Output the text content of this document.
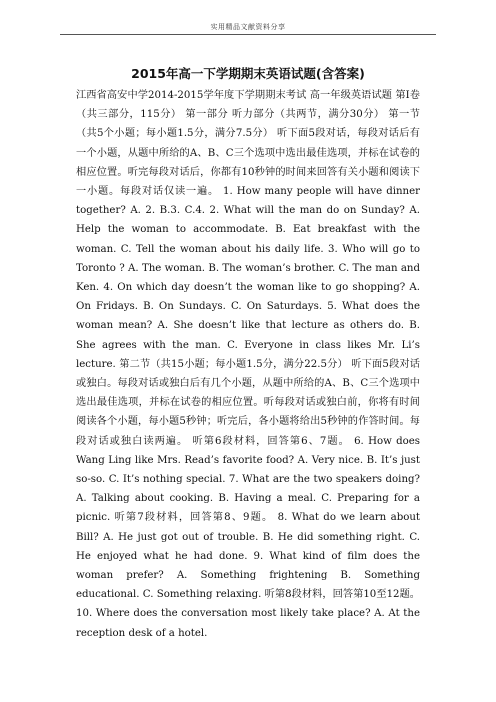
实用精品文献资料分享
2015年高一下学期期末英语试题(含答案)

江西省高安中学2014-2015学年度下学期期末考试 高一年级英语试题 第I卷（共三部分，115分） 第一部分 听力部分（共两节，满分30分） 第一节（共5个小题；每小题1.5分，满分7.5分） 听下面5段对话，每段对话后有一个小题，从题中所给的A、B、C三个选项中选出最佳选项，并标在试卷的相应位置。听完每段对话后，你都有10秒钟的时间来回答有关小题和阅读下一小题。每段对话仅读一遍。 1. How many people will have dinner together? A. 2. B.3. C.4. 2. What will the man do on Sunday? A. Help the woman to accommodate. B. Eat breakfast with the woman. C. Tell the woman about his daily life. 3. Who will go to Toronto ? A. The woman. B. The woman’s brother. C. The man and Ken. 4. On which day doesn’t the woman like to go shopping? A. On Fridays. B. On Sundays. C. On Saturdays. 5. What does the woman mean? A. She doesn’t like that lecture as others do. B. She agrees with the man. C. Everyone in class likes Mr. Li’s lecture. 第二节（共15小题；每小题1.5分，满分22.5分） 听下面5段对话或独白。每段对话或独白后有几个小题，从题中所给的A、B、C三个选项中选出最佳选项，并标在试卷的相应位置。听每段对话或独白前，你将有时间阅读各个小题，每小题5秒钟；听完后，各小题将给出5秒钟的作答时间。每段对话或独白读两遍。 听第6段材料，回答第6、7题。 6. How does Wang Ling like Mrs. Read’s favorite food? A. Very nice. B. It’s just so-so. C. It’s nothing special. 7. What are the two speakers doing? A. Talking about cooking. B. Having a meal. C. Preparing for a picnic. 听第7段材料，回答第8、9题。 8. What do we learn about Bill? A. He just got out of trouble. B. He did something right. C. He enjoyed what he had done. 9. What kind of film does the woman prefer? A. Something frightening B. Something educational. C. Something relaxing. 听第8段材料，回答第10至12题。10. Where does the conversation most likely take place? A. At the reception desk of a hotel.
